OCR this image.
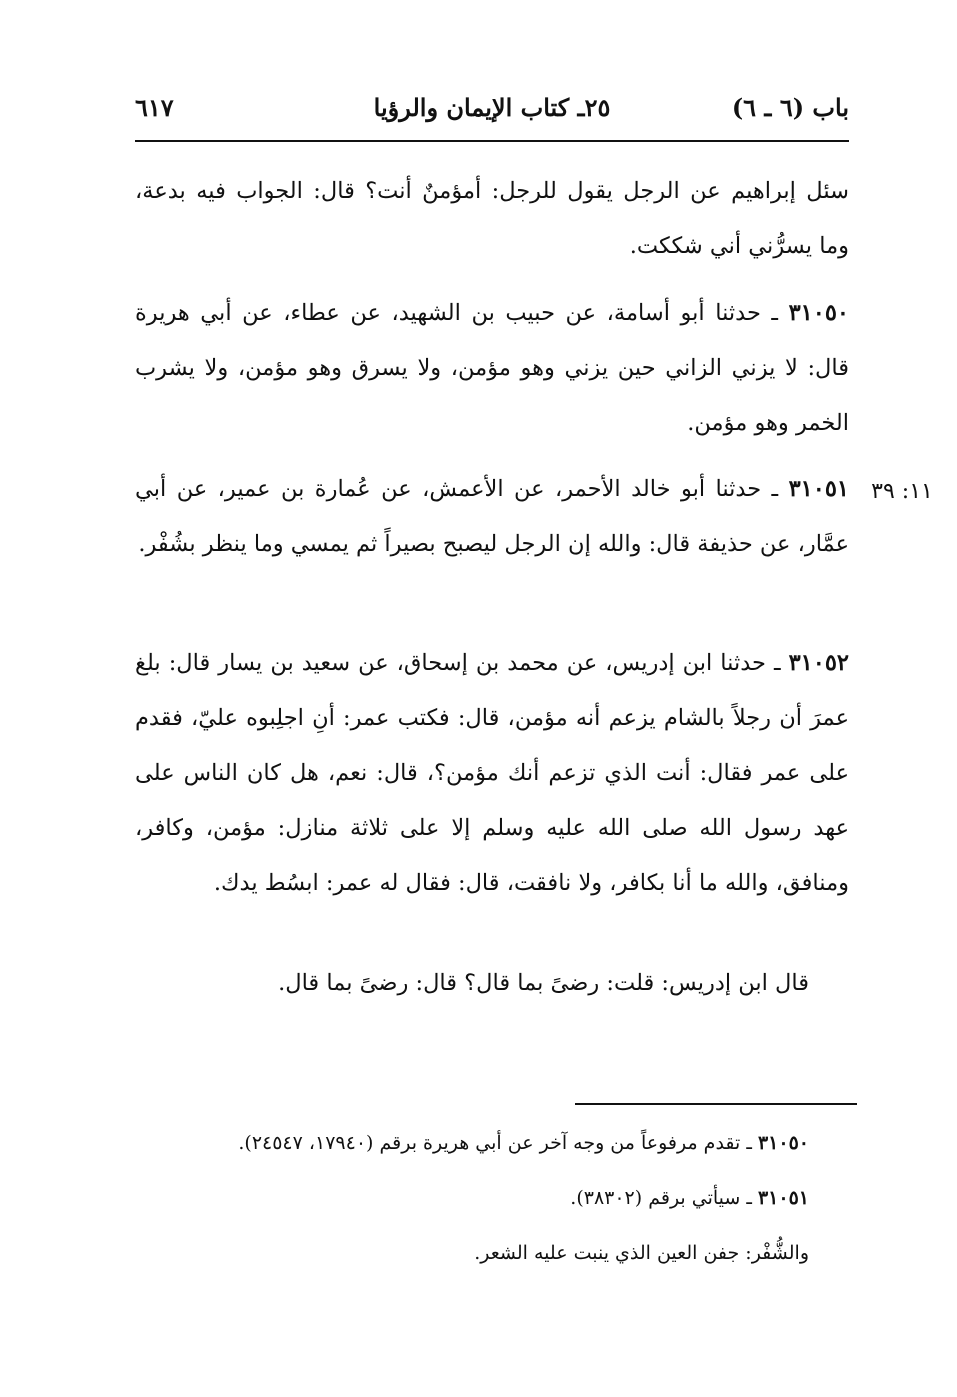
باب (٦ ـ ٦)
٢٥ـ كتاب الإيمان والرؤيا
٦١٧

سئل إبراهيم عن الرجل يقول للرجل: أمؤمنٌ أنت؟ قال: الجواب فيه بدعة، وما يسرُّني أني شككت.

٣١٠٥٠ ـ حدثنا أبو أسامة، عن حبيب بن الشهيد، عن عطاء، عن أبي هريرة قال: لا يزني الزاني حين يزني وهو مؤمن، ولا يسرق وهو مؤمن، ولا يشرب الخمر وهو مؤمن.

١١: ٣٩

٣١٠٥١ ـ حدثنا أبو خالد الأحمر، عن الأعمش، عن عُمارة بن عمير، عن أبي عمَّار، عن حذيفة قال: والله إن الرجل ليصبح بصيراً ثم يمسي وما ينظر بشُفْر.

٣١٠٥٢ ـ حدثنا ابن إدريس، عن محمد بن إسحاق، عن سعيد بن يسار قال: بلغ عمرَ أن رجلاً بالشام يزعم أنه مؤمن، قال: فكتب عمر: أنِ اجلِبوه عليّ، فقدم على عمر فقال: أنت الذي تزعم أنك مؤمن؟، قال: نعم، هل كان الناس على عهد رسول الله صلى الله عليه وسلم إلا على ثلاثة منازل: مؤمن، وكافر، ومنافق، والله ما أنا بكافر، ولا نافقت، قال: فقال له عمر: ابسُط يدك.

قال ابن إدريس: قلت: رضىً بما قال؟ قال: رضىً بما قال.

٣١٠٥٠ ـ تقدم مرفوعاً من وجه آخر عن أبي هريرة برقم (١٧٩٤٠، ٢٤٥٤٧).
٣١٠٥١ ـ سيأتي برقم (٣٨٣٠٢).
والشُّفْر: جفن العين الذي ينبت عليه الشعر.
